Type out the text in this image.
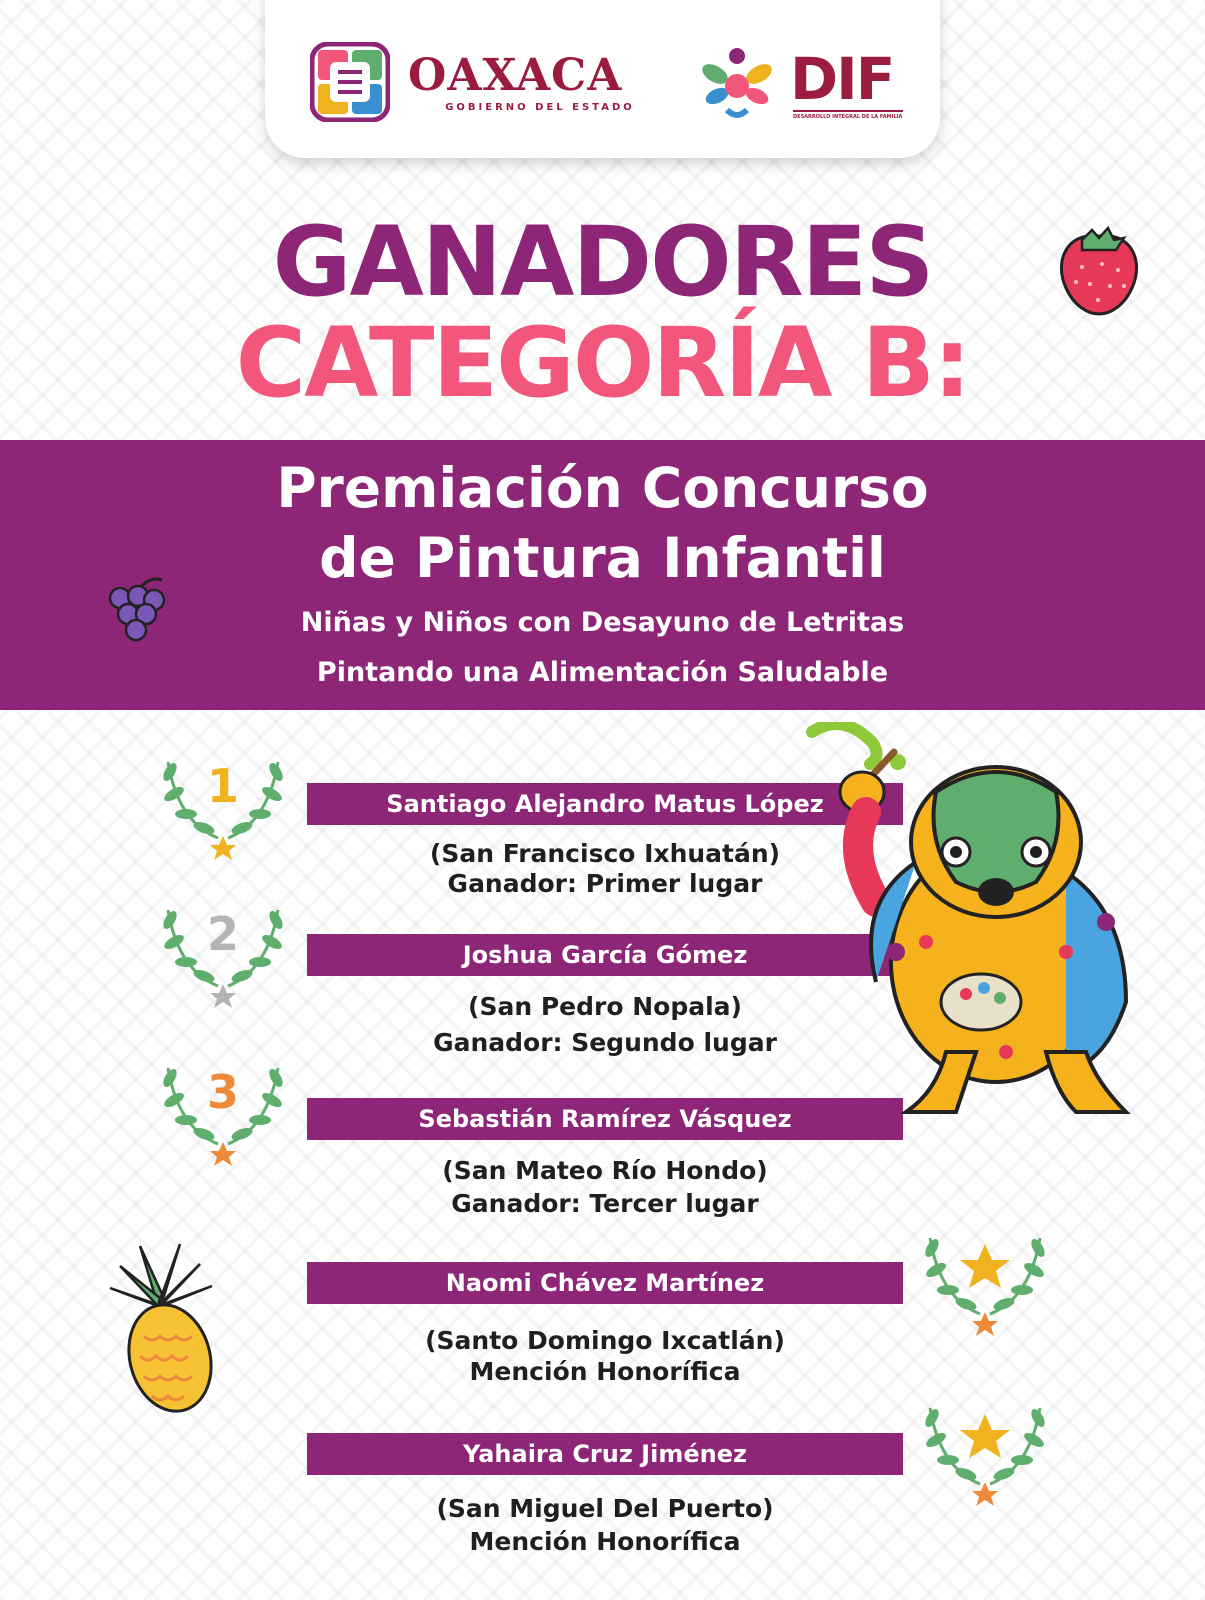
OAXACA
GOBIERNO DEL ESTADO	DIF
DESARROLLO INTEGRAL DE LA FAMILIA
GANADORES
CATEGORÍA B:
Premiación Concurso
de Pintura Infantil
Niñas y Niños con Desayuno de Letritas
Pintando una Alimentación Saludable
1
2
3
Santiago Alejandro Matus López
(San Francisco Ixhuatán)
Ganador: Primer lugar
Joshua García Gómez
(San Pedro Nopala)
Ganador: Segundo lugar
Sebastián Ramírez Vásquez
(San Mateo Río Hondo)
Ganador: Tercer lugar
Naomi Chávez Martínez
(Santo Domingo Ixcatlán)
Mención Honorífica
Yahaira Cruz Jiménez
(San Miguel Del Puerto)
Mención Honorífica
